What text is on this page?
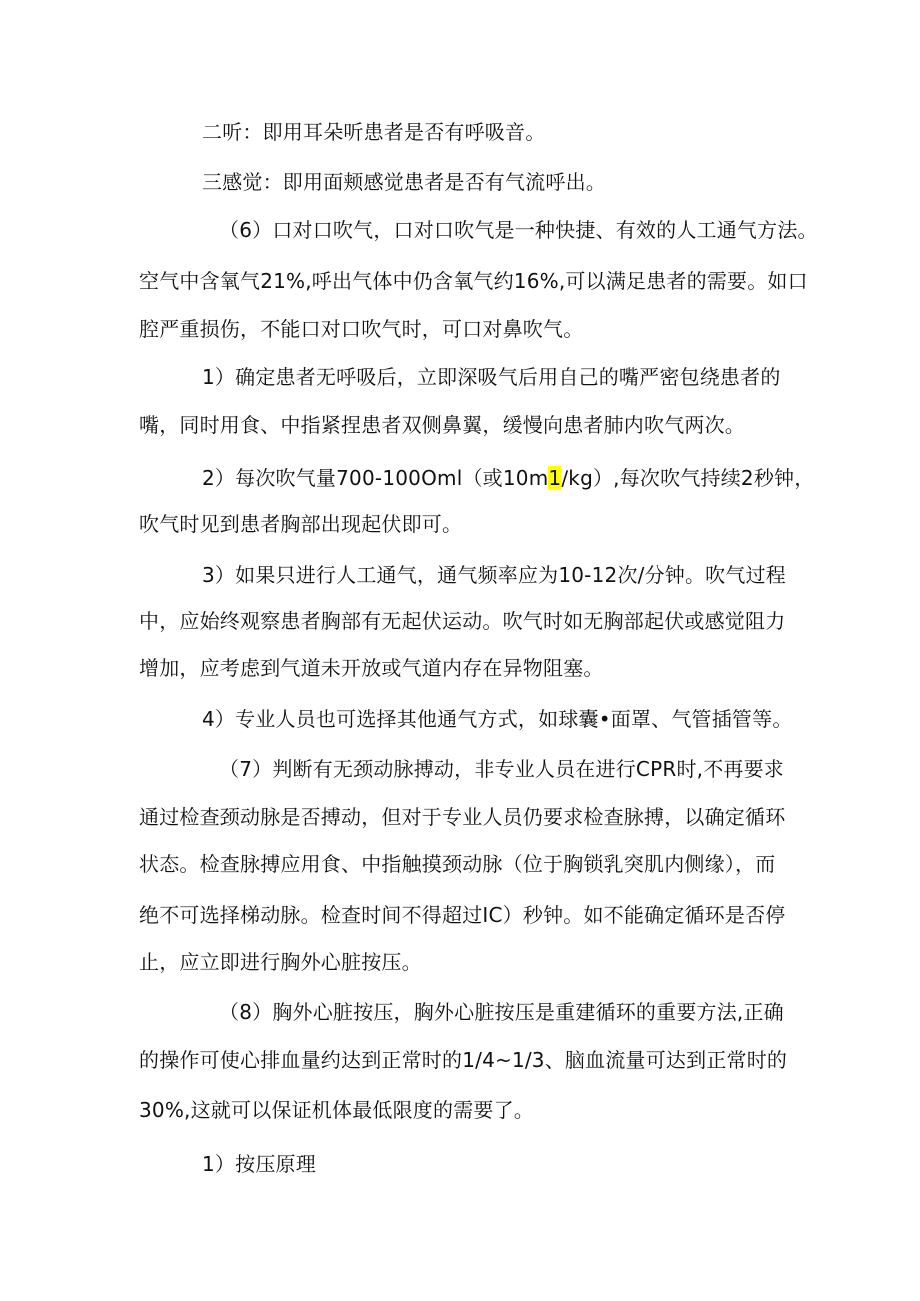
二听：即用耳朵听患者是否有呼吸音。

三感觉：即用面颊感觉患者是否有气流呼出。

（6）口对口吹气，口对口吹气是一种快捷、有效的人工通气方法。

空气中含氧气21%,呼出气体中仍含氧气约16%,可以满足患者的需要。如口

腔严重损伤，不能口对口吹气时，可口对鼻吹气。

1）确定患者无呼吸后，立即深吸气后用自己的嘴严密包绕患者的

嘴，同时用食、中指紧捏患者双侧鼻翼，缓慢向患者肺内吹气两次。

2）每次吹气量700-100Oml（或10m1∕kg）,每次吹气持续2秒钟，

吹气时见到患者胸部出现起伏即可。

3）如果只进行人工通气，通气频率应为10-12次/分钟。吹气过程

中，应始终观察患者胸部有无起伏运动。吹气时如无胸部起伏或感觉阻力

增加，应考虑到气道未开放或气道内存在异物阻塞。

4）专业人员也可选择其他通气方式，如球囊•面罩、气管插管等。

（7）判断有无颈动脉搏动，非专业人员在进行CPR时,不再要求

通过检查颈动脉是否搏动，但对于专业人员仍要求检查脉搏，以确定循环

状态。检查脉搏应用食、中指触摸颈动脉（位于胸锁乳突肌内侧缘），而

绝不可选择梯动脉。检查时间不得超过IC）秒钟。如不能确定循环是否停

止，应立即进行胸外心脏按压。

（8）胸外心脏按压，胸外心脏按压是重建循环的重要方法,正确

的操作可使心排血量约达到正常时的1/4~1/3、脑血流量可达到正常时的

30%,这就可以保证机体最低限度的需要了。

1）按压原理
